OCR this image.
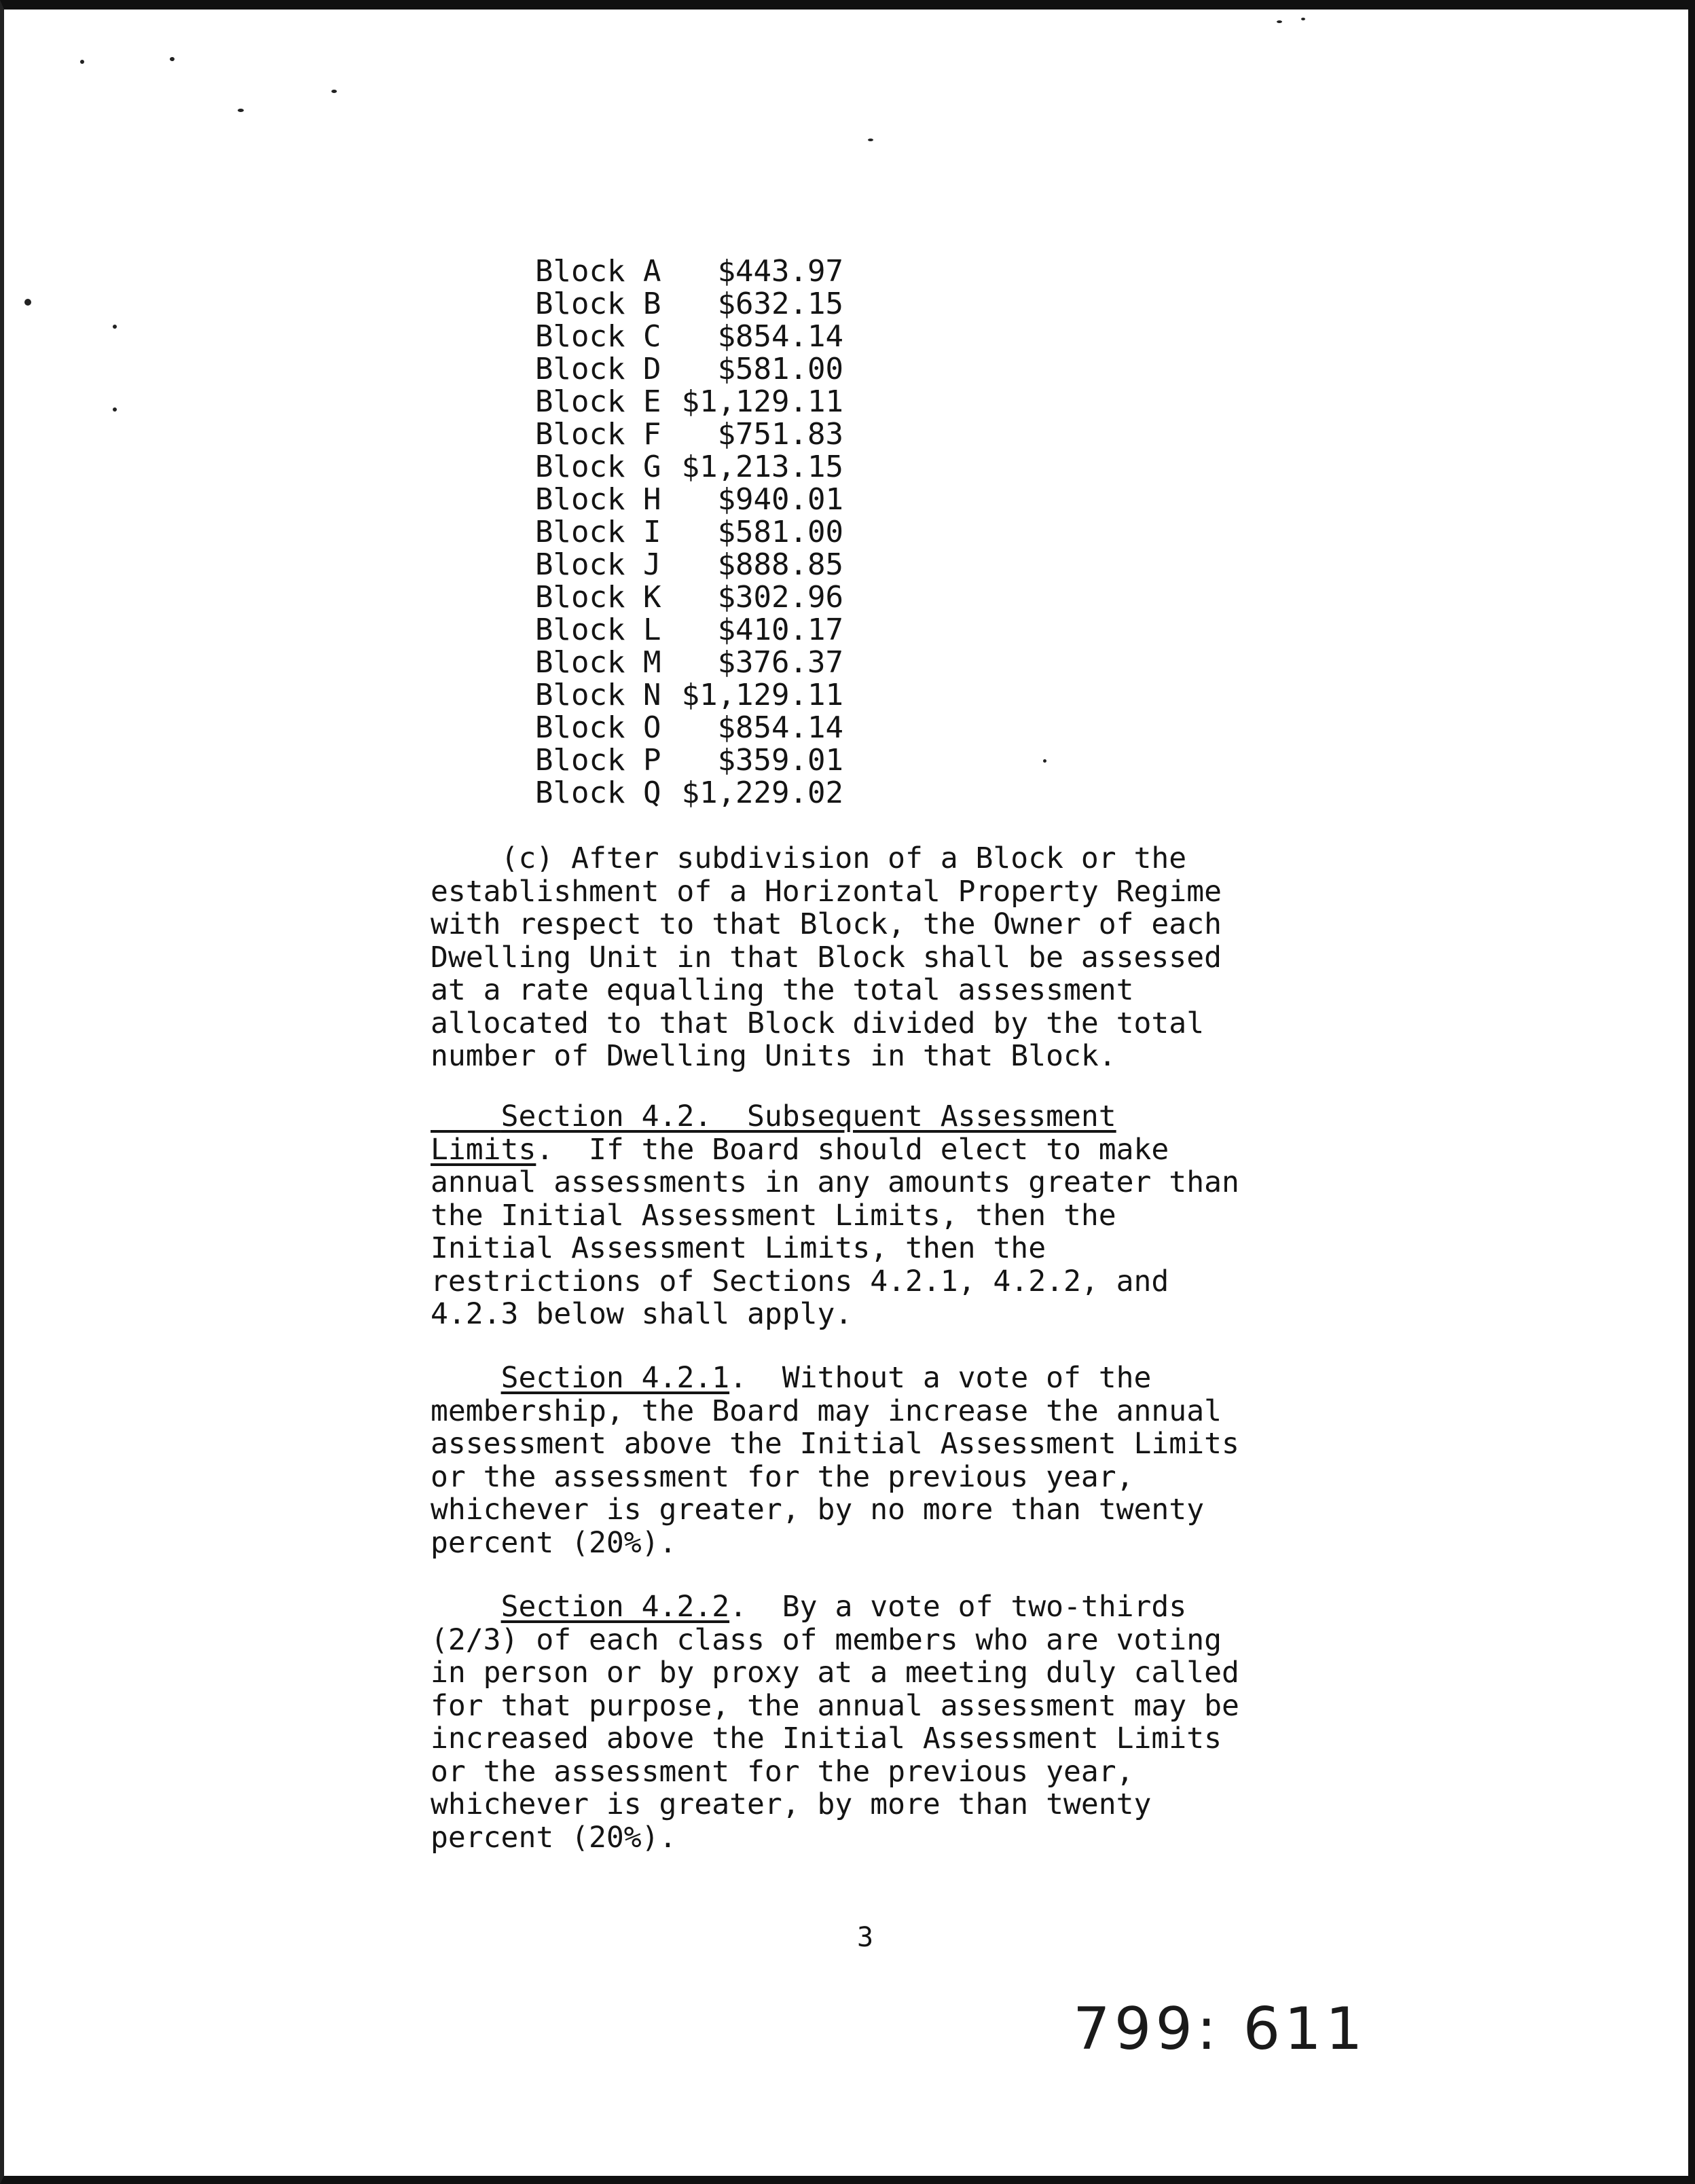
Block A $443.97
Block B $632.15
Block C $854.14
Block D $581.00
Block E $1,129.11
Block F $751.83
Block G $1,213.15
Block H $940.01
Block I $581.00
Block J $888.85
Block K $302.96
Block L $410.17
Block M $376.37
Block N $1,129.11
Block O $854.14
Block P $359.01
Block Q $1,229.02

(c) After subdivision of a Block or the
establishment of a Horizontal Property Regime
with respect to that Block, the Owner of each
Dwelling Unit in that Block shall be assessed
at a rate equalling the total assessment
allocated to that Block divided by the total
number of Dwelling Units in that Block.

Section 4.2.  Subsequent Assessment
Limits.  If the Board should elect to make
annual assessments in any amounts greater than
the Initial Assessment Limits, then the
Initial Assessment Limits, then the
restrictions of Sections 4.2.1, 4.2.2, and
4.2.3 below shall apply.
Section 4.2.1.  Without a vote of the
membership, the Board may increase the annual
assessment above the Initial Assessment Limits
or the assessment for the previous year,
whichever is greater, by no more than twenty
percent (20%).
Section 4.2.2.  By a vote of two-thirds
(2/3) of each class of members who are voting
in person or by proxy at a meeting duly called
for that purpose, the annual assessment may be
increased above the Initial Assessment Limits
or the assessment for the previous year,
whichever is greater, by more than twenty
percent (20%).
3
799: 611
